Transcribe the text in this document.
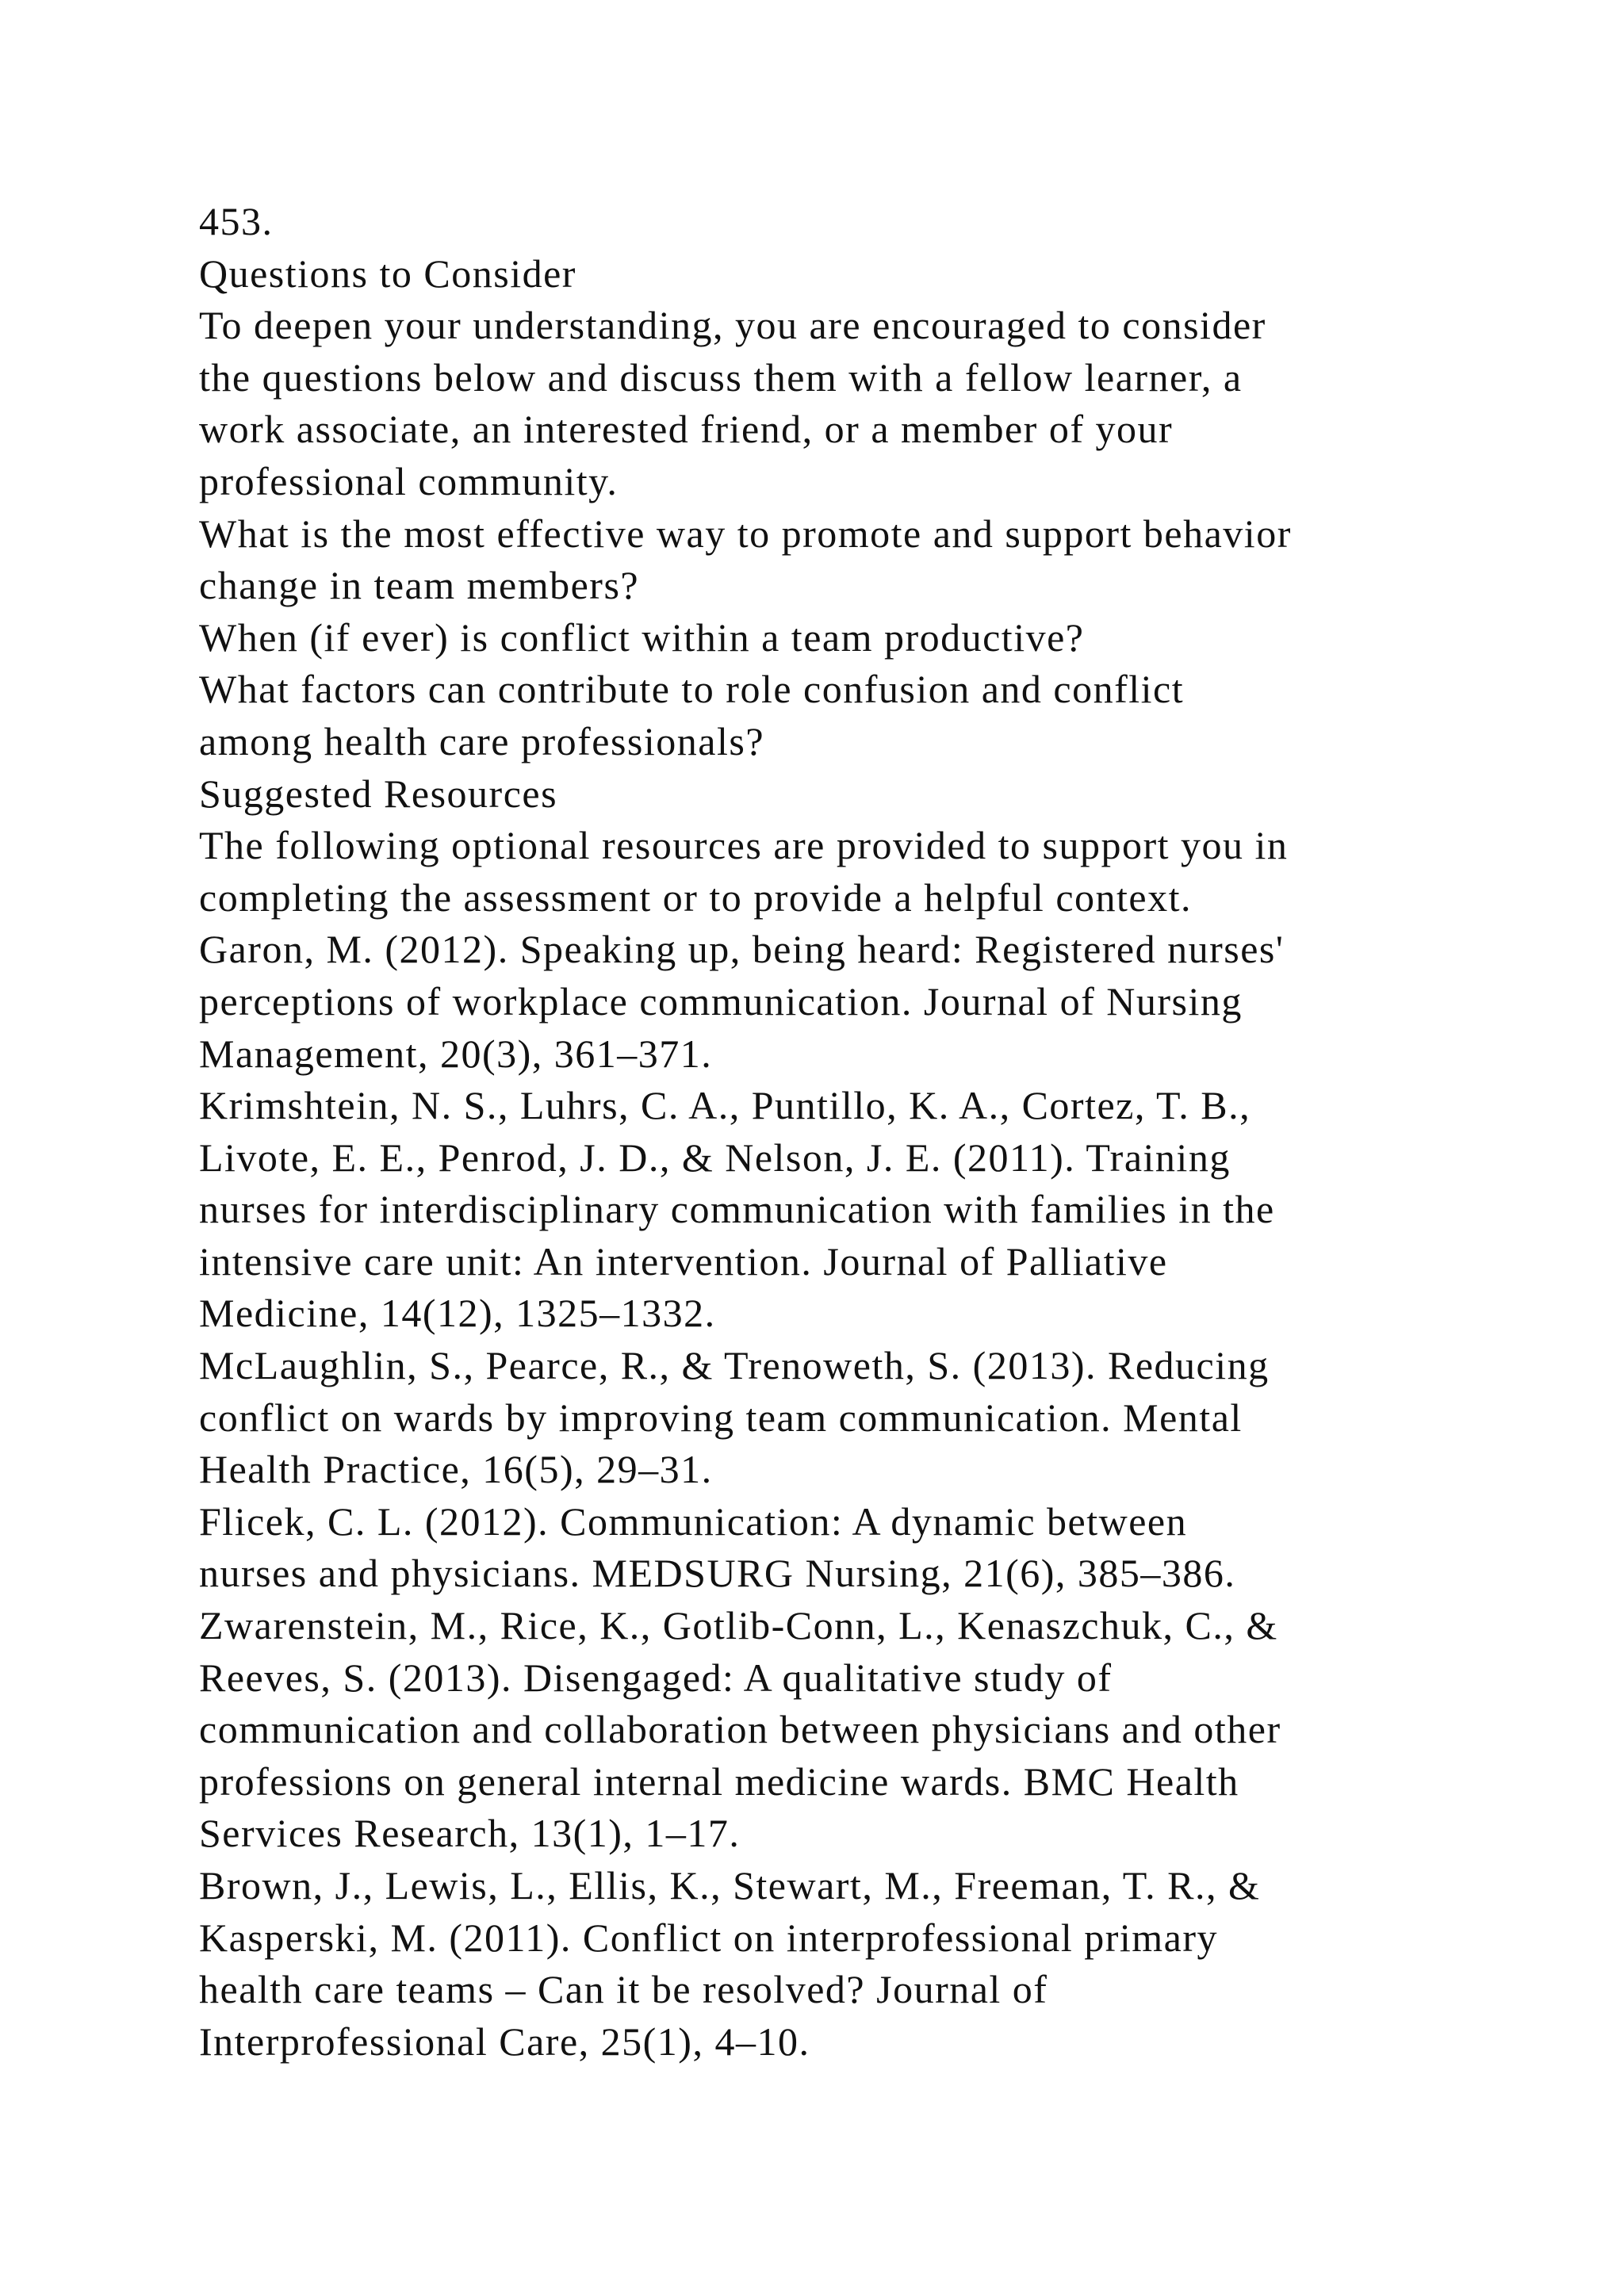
453.
Questions to Consider
To deepen your understanding, you are encouraged to consider
the questions below and discuss them with a fellow learner, a
work associate, an interested friend, or a member of your
professional community.
What is the most effective way to promote and support behavior
change in team members?
When (if ever) is conflict within a team productive?
What factors can contribute to role confusion and conflict
among health care professionals?
Suggested Resources
The following optional resources are provided to support you in
completing the assessment or to provide a helpful context.
Garon, M. (2012). Speaking up, being heard: Registered nurses'
perceptions of workplace communication. Journal of Nursing
Management, 20(3), 361–371.
Krimshtein, N. S., Luhrs, C. A., Puntillo, K. A., Cortez, T. B.,
Livote, E. E., Penrod, J. D., & Nelson, J. E. (2011). Training
nurses for interdisciplinary communication with families in the
intensive care unit: An intervention. Journal of Palliative
Medicine, 14(12), 1325–1332.
McLaughlin, S., Pearce, R., & Trenoweth, S. (2013). Reducing
conflict on wards by improving team communication. Mental
Health Practice, 16(5), 29–31.
Flicek, C. L. (2012). Communication: A dynamic between
nurses and physicians. MEDSURG Nursing, 21(6), 385–386.
Zwarenstein, M., Rice, K., Gotlib-Conn, L., Kenaszchuk, C., &
Reeves, S. (2013). Disengaged: A qualitative study of
communication and collaboration between physicians and other
professions on general internal medicine wards. BMC Health
Services Research, 13(1), 1–17.
Brown, J., Lewis, L., Ellis, K., Stewart, M., Freeman, T. R., &
Kasperski, M. (2011). Conflict on interprofessional primary
health care teams – Can it be resolved? Journal of
Interprofessional Care, 25(1), 4–10.
